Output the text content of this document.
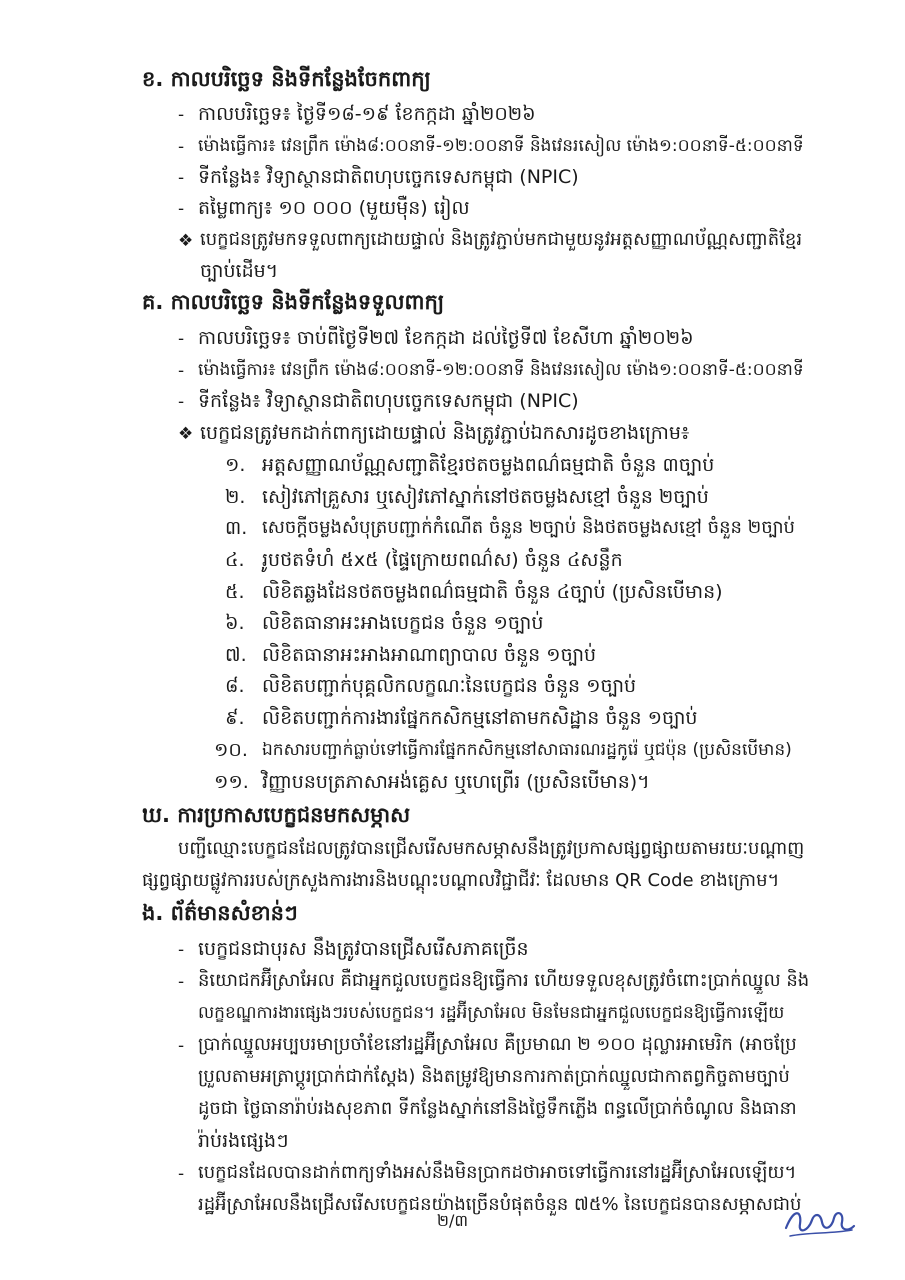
ខ. កាលបរិច្ឆេទ និងទីកន្លែងចែកពាក្យ
- កាលបរិច្ឆេទ៖ ថ្ងៃទី១៨-១៩ ខែកក្កដា ឆ្នាំ២០២៦
- ម៉ោងធ្វើការ៖ វេនព្រឹក ម៉ោង៨:០០នាទី-១២:០០នាទី និងវេនរសៀល ម៉ោង១:០០នាទី-៥:០០នាទី
- ទីកន្លែង៖ វិទ្យាស្ថានជាតិពហុបច្ចេកទេសកម្ពុជា (NPIC)
- តម្លៃពាក្យ៖ ១០ ០០០ (មួយម៉ឺន) រៀល
❖ បេក្ខជនត្រូវមកទទួលពាក្យដោយផ្ទាល់ និងត្រូវភ្ជាប់មកជាមួយនូវអត្តសញ្ញាណប័ណ្ណសញ្ជាតិខ្មែរ
ច្បាប់ដើម។
គ. កាលបរិច្ឆេទ និងទីកន្លែងទទួលពាក្យ
- កាលបរិច្ឆេទ៖ ចាប់ពីថ្ងៃទី២៧ ខែកក្កដា ដល់ថ្ងៃទី៧ ខែសីហា ឆ្នាំ២០២៦
- ម៉ោងធ្វើការ៖ វេនព្រឹក ម៉ោង៨:០០នាទី-១២:០០នាទី និងវេនរសៀល ម៉ោង១:០០នាទី-៥:០០នាទី
- ទីកន្លែង៖ វិទ្យាស្ថានជាតិពហុបច្ចេកទេសកម្ពុជា (NPIC)
❖ បេក្ខជនត្រូវមកដាក់ពាក្យដោយផ្ទាល់ និងត្រូវភ្ជាប់ឯកសារដូចខាងក្រោម៖
១. អត្តសញ្ញាណប័ណ្ណសញ្ជាតិខ្មែរថតចម្លងពណ៌ធម្មជាតិ ចំនួន ៣ច្បាប់
២. សៀវភៅគ្រួសារ ឬសៀវភៅស្នាក់នៅថតចម្លងសខ្មៅ ចំនួន ២ច្បាប់
៣. សេចក្តីចម្លងសំបុត្របញ្ជាក់កំណើត ចំនួន ២ច្បាប់ និងថតចម្លងសខ្មៅ ចំនួន ២ច្បាប់
៤. រូបថតទំហំ ៥x៥ (ផ្ទៃក្រោយពណ៌ស) ចំនួន ៤សន្លឹក
៥. លិខិតឆ្លងដែនថតចម្លងពណ៌ធម្មជាតិ ចំនួន ៤ច្បាប់ (ប្រសិនបើមាន)
៦. លិខិតធានាអះអាងបេក្ខជន ចំនួន ១ច្បាប់
៧. លិខិតធានាអះអាងអាណាព្យាបាល ចំនួន ១ច្បាប់
៨. លិខិតបញ្ជាក់បុគ្គលិកលក្ខណៈនៃបេក្ខជន ចំនួន ១ច្បាប់
៩. លិខិតបញ្ជាក់ការងារផ្នែកកសិកម្មនៅតាមកសិដ្ឋាន ចំនួន ១ច្បាប់
១០. ឯកសារបញ្ជាក់ធ្លាប់ទៅធ្វើការផ្នែកកសិកម្មនៅសាធារណរដ្ឋកូរ៉េ ឬជប៉ុន (ប្រសិនបើមាន)
១១. វិញ្ញាបនបត្រភាសាអង់គ្លេស ឬហេព្រើរ (ប្រសិនបើមាន)។
ឃ. ការប្រកាសបេក្ខជនមកសម្ភាស
បញ្ជីឈ្មោះបេក្ខជនដែលត្រូវបានជ្រើសរើសមកសម្ភាសនឹងត្រូវប្រកាសផ្សព្វផ្សាយតាមរយៈបណ្តាញ
ផ្សព្វផ្សាយផ្លូវការរបស់ក្រសួងការងារនិងបណ្តុះបណ្តាលវិជ្ជាជីវៈ ដែលមាន QR Code ខាងក្រោម។
ង. ព័ត៌មានសំខាន់ៗ
- បេក្ខជនជាបុរស នឹងត្រូវបានជ្រើសរើសភាគច្រើន
- និយោជកអ៊ីស្រាអែល គឺជាអ្នកជួលបេក្ខជនឱ្យធ្វើការ ហើយទទួលខុសត្រូវចំពោះប្រាក់ឈ្នួល និង
លក្ខខណ្ឌការងារផ្សេងៗរបស់បេក្ខជន។ រដ្ឋអ៊ីស្រាអែល មិនមែនជាអ្នកជួលបេក្ខជនឱ្យធ្វើការឡើយ
- ប្រាក់ឈ្នួលអប្បបរមាប្រចាំខែនៅរដ្ឋអ៊ីស្រាអែល គឺប្រមាណ ២ ១០០ ដុល្លារអាមេរិក (អាចប្រែ
ប្រួលតាមអត្រាប្តូរប្រាក់ជាក់ស្តែង) និងតម្រូវឱ្យមានការកាត់ប្រាក់ឈ្នួលជាកាតព្វកិច្ចតាមច្បាប់
ដូចជា ថ្លៃធានារ៉ាប់រងសុខភាព ទីកន្លែងស្នាក់នៅនិងថ្លៃទឹកភ្លើង ពន្ធលើប្រាក់ចំណូល និងធានា
រ៉ាប់រងផ្សេងៗ
- បេក្ខជនដែលបានដាក់ពាក្យទាំងអស់នឹងមិនប្រាកដថាអាចទៅធ្វើការនៅរដ្ឋអ៊ីស្រាអែលឡើយ។
រដ្ឋអ៊ីស្រាអែលនឹងជ្រើសរើសបេក្ខជនយ៉ាងច្រើនបំផុតចំនួន ៧៥% នៃបេក្ខជនបានសម្ភាសជាប់
២/៣
